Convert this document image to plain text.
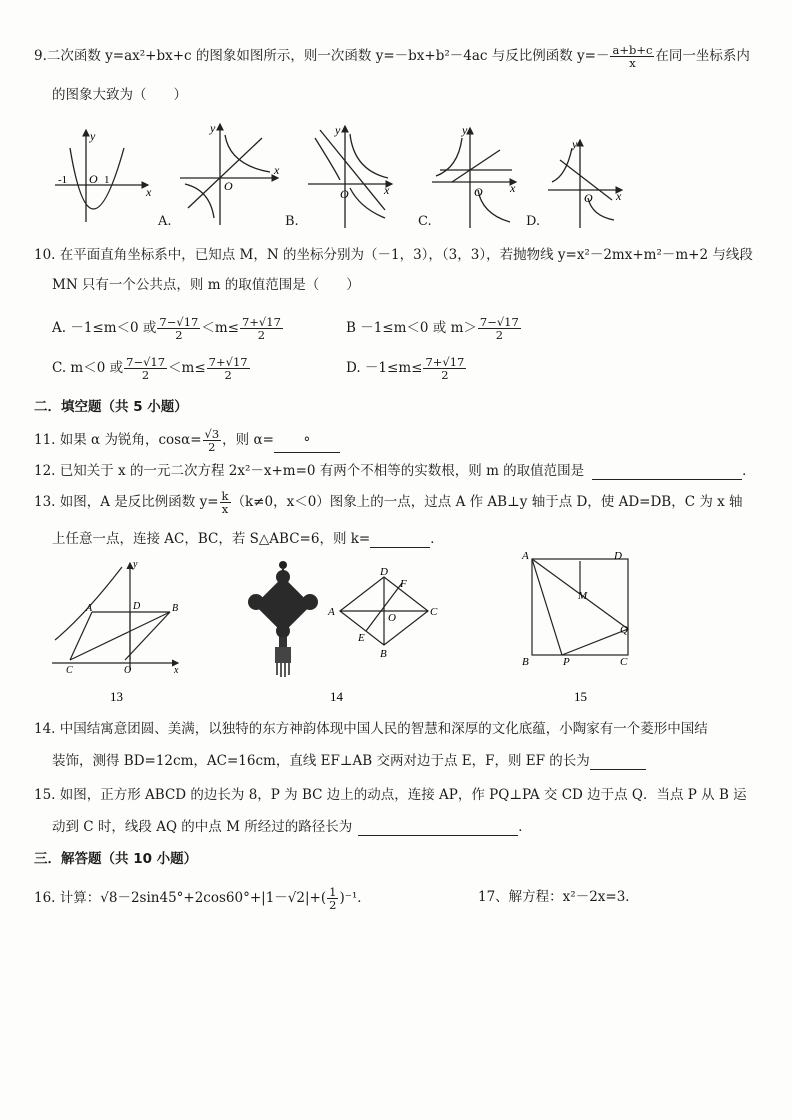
9.二次函数 y=ax²+bx+c 的图象如图所示，则一次函数 y=－bx+b²－4ac 与反比例函数 $y=- \frac{a+b+c}{x}$ 在同一坐标系内
的图象大致为（　　）
y
x
O
-1	1
y
x
O
y
x
O
y
x
O
y
x
O
A.	B.	C.	D.
10. 在平面直角坐标系中，已知点 M，N 的坐标分别为（－1，3），（3，3），若抛物线 y=x²－2mx+m²－m+2 与线段
MN 只有一个公共点，则 m 的取值范围是（　　）
A. －1≤m＜0 或 $\frac{7-√17}{2} <m\le \frac{7+√17}{2}$	B －1≤m＜0 或 $m> \frac{7-√17}{2}$
C. m＜0 或 $\frac{7-√17}{2} <m\le \frac{7+√17}{2}$	D. $-1\le m\le \frac{7+√17}{2}$
二．填空题（共 5 小题）
11. 如果 α 为锐角，$\cos\alpha= \frac{√3}{2}$ ，则 α= °
12. 已知关于 x 的一元二次方程 2x²－x+m=0 有两个不相等的实数根，则 m 的取值范围是	．
13. 如图，A 是反比例函数 $y= \frac{k}{x} (k\ne 0$，x＜0）图象上的一点，过点 A 作 AB⊥y 轴于点 D，使 AD=DB，C 为 x 轴
上任意一点，连接 AC，BC，若 S△ABC=6，则 k=	．
A	D	B
C	O	x
y
A
B
C
D
E
F
O
A	D
B	C
M
P
Q
13	14	15
14. 中国结寓意团圆、美满，以独特的东方神韵体现中国人民的智慧和深厚的文化底蕴，小陶家有一个菱形中国结
装饰，测得 BD=12cm，AC=16cm，直线 EF⊥AB 交两对边于点 E，F，则 EF 的长为
15. 如图，正方形 ABCD 的边长为 8，P 为 BC 边上的动点，连接 AP，作 PQ⊥PA 交 CD 边于点 Q．当点 P 从 B 运
动到 C 时，线段 AQ 的中点 M 所经过的路径长为	．
三．解答题（共 10 小题）
16. 计算：$√8-2\sin 45^\circ+2\cos 60^\circ+|1-√2|+( \frac{1}{2} )^{-1}$．	17、解方程：x²－2x=3．
